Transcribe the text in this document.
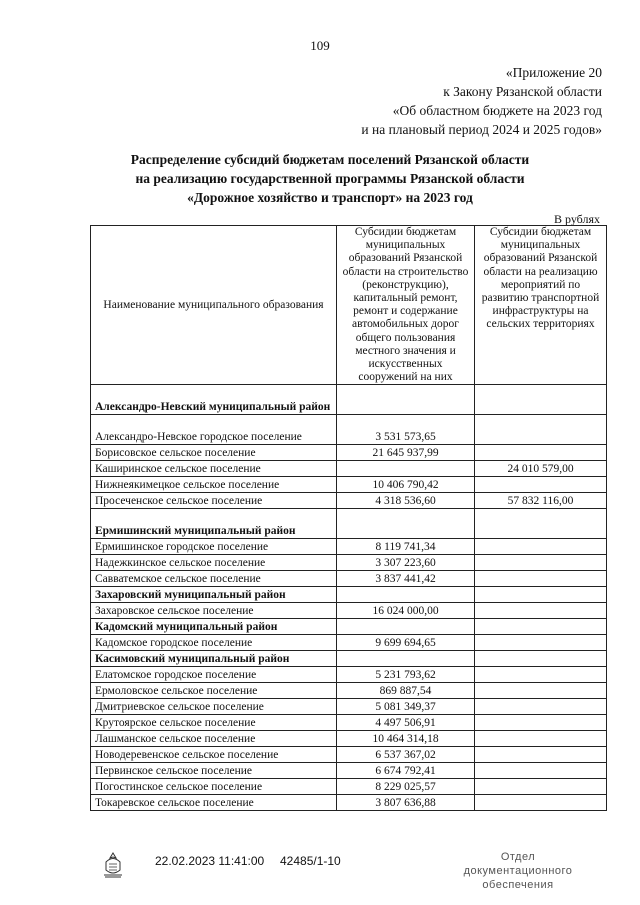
109
«Приложение 20
к Закону Рязанской области
«Об областном бюджете на 2023 год
и на плановый период 2024 и 2025 годов»
Распределение субсидий бюджетам поселений Рязанской области
на реализацию государственной программы Рязанской области
«Дорожное хозяйство и транспорт» на 2023 год
В рублях
Наименование муниципального образования	Субсидии бюджетам муниципальных образований Рязанской области на строительство (реконструкцию), капитальный ремонт, ремонт и содержание автомобильных дорог общего пользования местного значения и искусственных сооружений на них	Субсидии бюджетам муниципальных образований Рязанской области на реализацию мероприятий по развитию транспортной инфраструктуры на сельских территориях
Александро-Невский муниципальный район		
Александро-Невское городское поселение	3 531 573,65	
Борисовское сельское поселение	21 645 937,99	
Каширинское сельское поселение		24 010 579,00
Нижнеякимецкое сельское поселение	10 406 790,42	
Просеченское сельское поселение	4 318 536,60	57 832 116,00
Ермишинский муниципальный район		
Ермишинское городское поселение	8 119 741,34	
Надежкинское сельское поселение	3 307 223,60	
Савватемское сельское поселение	3 837 441,42	
Захаровский муниципальный район		
Захаровское сельское поселение	16 024 000,00	
Кадомский муниципальный район		
Кадомское городское поселение	9 699 694,65	
Касимовский муниципальный район		
Елатомское городское поселение	5 231 793,62	
Ермоловское сельское поселение	869 887,54	
Дмитриевское сельское поселение	5 081 349,37	
Крутоярское сельское поселение	4 497 506,91	
Лашманское сельское поселение	10 464 314,18	
Новодеревенское сельское поселение	6 537 367,02	
Первинское сельское поселение	6 674 792,41	
Погостинское сельское поселение	8 229 025,57	
Токаревское сельское поселение	3 807 636,88	
22.02.2023 11:41:00 42485/1-10	Отдел документационного
обеспечения
